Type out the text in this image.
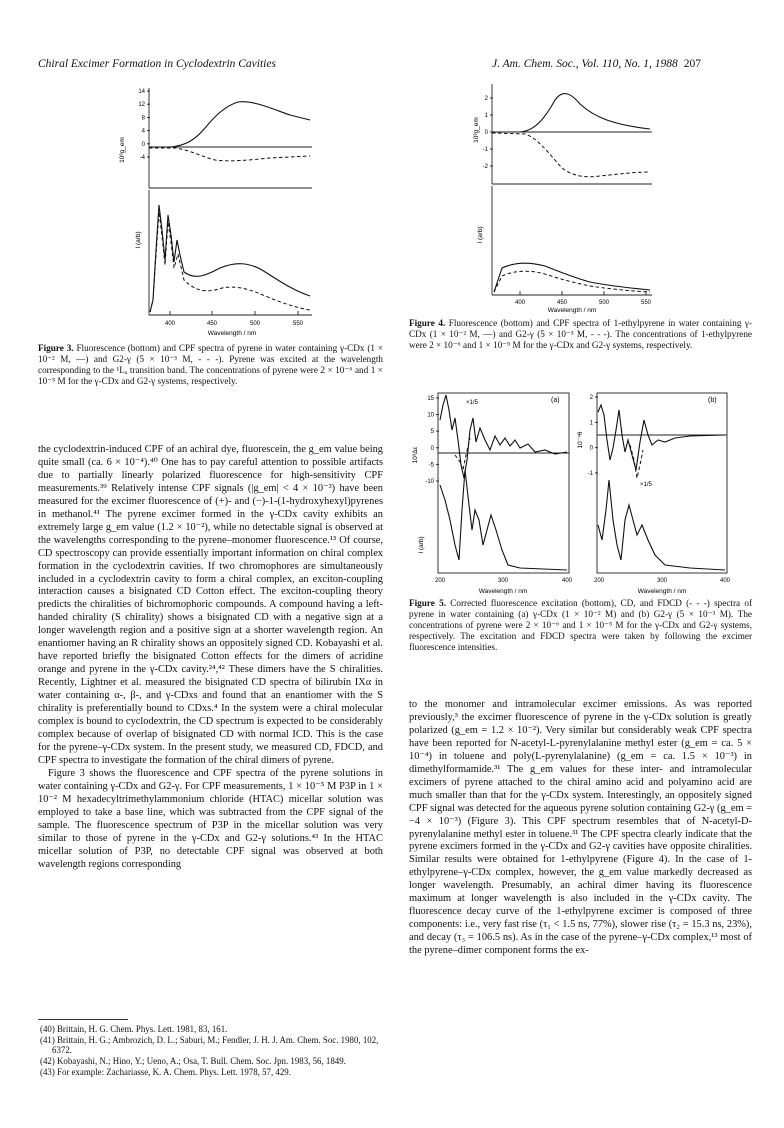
Chiral Excimer Formation in Cyclodextrin Cavities	J. Am. Chem. Soc., Vol. 110, No. 1, 1988 207
14
12
8
4
0
-4
10³g_em
I (arb)
400	450	500	550
Wavelength / nm
Figure 3. Fluorescence (bottom) and CPF spectra of pyrene in water containing γ-CDx (1 × 10⁻² M, —) and G2-γ (5 × 10⁻³ M, - - -). Pyrene was excited at the wavelength corresponding to the ¹Lₐ transition band. The concentrations of pyrene were 2 × 10⁻⁶ and 1 × 10⁻⁵ M for the γ-CDx and G2-γ systems, respectively.
2
1
0
-1
-2
10³g_em
I (arb)
400	450	500	550
Wavelength / nm
Figure 4. Fluorescence (bottom) and CPF spectra of 1-ethylpyrene in water containing γ-CDx (1 × 10⁻² M, —) and G2-γ (5 × 10⁻³ M, - - -). The concentrations of 1-ethylpyrene were 2 × 10⁻⁶ and 1 × 10⁻⁵ M for the γ-CDx and G2-γ systems, respectively.
15
10
5
0
-5
-10
(a)
10³Δε
I (arb)
×1/5
200	300	400
2
1
0
-1
(b)
10⁻⁴θ
×1/5
200	300	400
Wavelength / nm	Wavelength / nm
Figure 5. Corrected fluorescence excitation (bottom), CD, and FDCD (- - -) spectra of pyrene in water containing (a) γ-CDx (1 × 10⁻² M) and (b) G2-γ (5 × 10⁻³ M). The concentrations of pyrene were 2 × 10⁻⁶ and 1 × 10⁻⁵ M for the γ-CDx and G2-γ systems, respectively. The excitation and FDCD spectra were taken by following the excimer fluorescence intensities.

the cyclodextrin-induced CPF of an achiral dye, fluorescein, the g_em value being quite small (ca. 6 × 10⁻⁴).⁴⁰ One has to pay careful attention to possible artifacts due to partially linearly polarized fluorescence for high-sensitivity CPF measurements.³⁹ Relatively intense CPF signals (|g_em| < 4 × 10⁻³) have been measured for the excimer fluorescence of (+)- and (−)-1-(1-hydroxyhexyl)pyrenes in methanol.⁴¹ The pyrene excimer formed in the γ-CDx cavity exhibits an extremely large g_em value (1.2 × 10⁻²), while no detectable signal is observed at the wavelengths corresponding to the pyrene–monomer fluorescence.¹³ Of course, CD spectroscopy can provide essentially important information on chiral complex formation in the cyclodextrin cavities. If two chromophores are simultaneously included in a cyclodextrin cavity to form a chiral complex, an exciton-coupling interaction causes a bisignated CD Cotton effect. The exciton-coupling theory predicts the chiralities of bichromophoric compounds. A compound having a left-handed chirality (S chirality) shows a bisignated CD with a negative sign at a longer wavelength region and a positive sign at a shorter wavelength region. An enantiomer having an R chirality shows an oppositely signed CD. Kobayashi et al. have reported briefly the bisignated Cotton effects for the dimers of acridine orange and pyrene in the γ-CDx cavity.²⁴,⁴² These dimers have the S chiralities. Recently, Lightner et al. measured the bisignated CD spectra of bilirubin IXα in water containing α-, β-, and γ-CDxs and found that an enantiomer with the S chirality is preferentially bound to CDxs.⁴ In the system were a chiral molecular complex is bound to cyclodextrin, the CD spectrum is expected to be considerably complex because of overlap of bisignated CD with normal ICD. This is the case for the pyrene–γ-CDx system. In the present study, we measured CD, FDCD, and CPF spectra to investigate the formation of the chiral dimers of pyrene.

Figure 3 shows the fluorescence and CPF spectra of the pyrene solutions in water containing γ-CDx and G2-γ. For CPF measurements, 1 × 10⁻⁵ M P3P in 1 × 10⁻² M hexadecyltrimethylammonium chloride (HTAC) micellar solution was employed to take a base line, which was subtracted from the CPF signal of the sample. The fluorescence spectrum of P3P in the micellar solution was very similar to those of pyrene in the γ-CDx and G2-γ solutions.⁴³ In the HTAC micellar solution of P3P, no detectable CPF signal was observed at both wavelength regions corresponding

(40) Brittain, H. G. Chem. Phys. Lett. 1981, 83, 161.
(41) Brittain, H. G.; Ambrozich, D. L.; Saburi, M.; Fendler, J. H. J. Am. Chem. Soc. 1980, 102, 6372.
(42) Kobayashi, N.; Hino, Y.; Ueno, A.; Osa, T. Bull. Chem. Soc. Jpn. 1983, 56, 1849.
(43) For example: Zachariasse, K. A. Chem. Phys. Lett. 1978, 57, 429.

to the monomer and intramolecular excimer emissions. As was reported previously,³ the excimer fluorescence of pyrene in the γ-CDx solution is greatly polarized (g_em = 1.2 × 10⁻²). Very similar but considerably weak CPF spectra have been reported for N-acetyl-L-pyrenylalanine methyl ester (g_em = ca. 5 × 10⁻⁴) in toluene and poly(L-pyrenylalanine) (g_em = ca. 1.5 × 10⁻³) in dimethylformamide.³¹ The g_em values for these inter- and intramolecular excimers of pyrene attached to the chiral amino acid and polyamino acid are much smaller than that for the γ-CDx system. Interestingly, an oppositely signed CPF signal was detected for the aqueous pyrene solution containing G2-γ (g_em = −4 × 10⁻³) (Figure 3). This CPF spectrum resembles that of N-acetyl-D-pyrenylalanine methyl ester in toluene.³¹ The CPF spectra clearly indicate that the pyrene excimers formed in the γ-CDx and G2-γ cavities have opposite chiralities. Similar results were obtained for 1-ethylpyrene (Figure 4). In the case of 1-ethylpyrene–γ-CDx complex, however, the g_em value markedly decreased as longer wavelength. Presumably, an achiral dimer having its fluorescence maximum at longer wavelength is also included in the γ-CDx cavity. The fluorescence decay curve of the 1-ethylpyrene excimer is composed of three components: i.e., very fast rise (τ₁ < 1.5 ns, 77%), slower rise (τ₂ = 15.3 ns, 23%), and decay (τ₃ = 106.5 ns). As in the case of the pyrene–γ-CDx complex,¹³ most of the pyrene–dimer component forms the ex-
